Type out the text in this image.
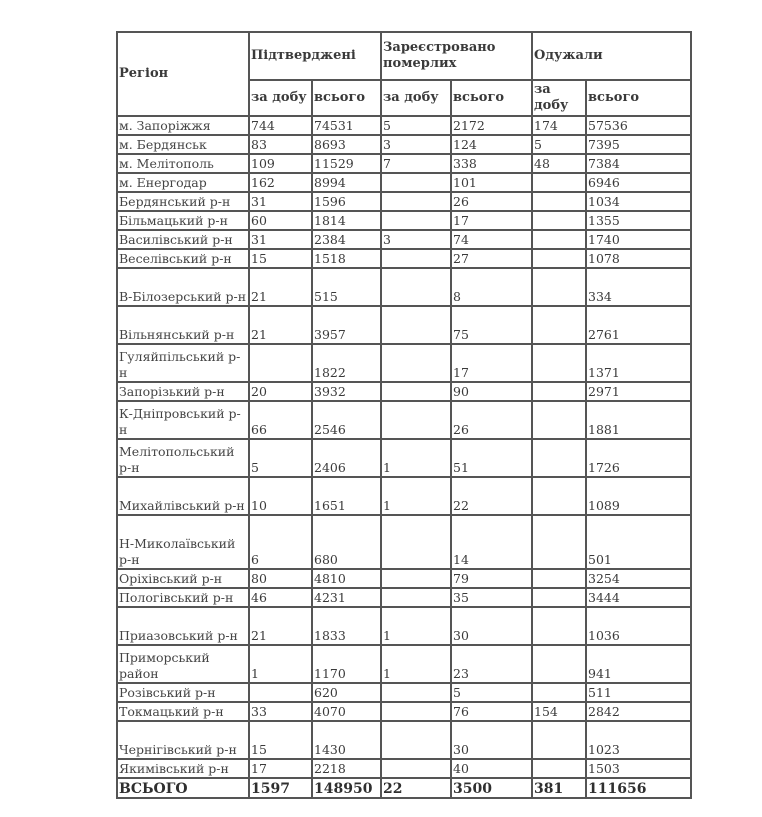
Регіон	Підтверджені		Зареєстровано померлих		Одужали	
	за добу	всього	за добу	всього	за добу	всього
м. Запоріжжя	744	74531	5	2172	174	57536
м. Бердянськ	83	8693	3	124	5	7395
м. Мелітополь	109	11529	7	338	48	7384
м. Енергодар	162	8994		101		6946
Бердянський р-н	31	1596		26		1034
Більмацький р-н	60	1814		17		1355
Василівський р-н	31	2384	3	74		1740
Веселівський р-н	15	1518		27		1078
В-Білозерський р-н	21	515		8		334
Вільнянський р-н	21	3957		75		2761
Гуляйпільський р-н		1822		17		1371
Запорізький р-н	20	3932		90		2971
К-Дніпровський р-н	66	2546		26		1881
Мелітопольський р-н	5	2406	1	51		1726
Михайлівський р-н	10	1651	1	22		1089
Н-Миколаївський р-н	6	680		14		501
Оріхівський р-н	80	4810		79		3254
Пологівський р-н	46	4231		35		3444
Приазовський р-н	21	1833	1	30		1036
Приморський район	1	1170	1	23		941
Розівський р-н		620		5		511
Токмацький р-н	33	4070		76	154	2842
Чернігівський р-н	15	1430		30		1023
Якимівський р-н	17	2218		40		1503
ВСЬОГО	1597	148950	22	3500	381	111656
